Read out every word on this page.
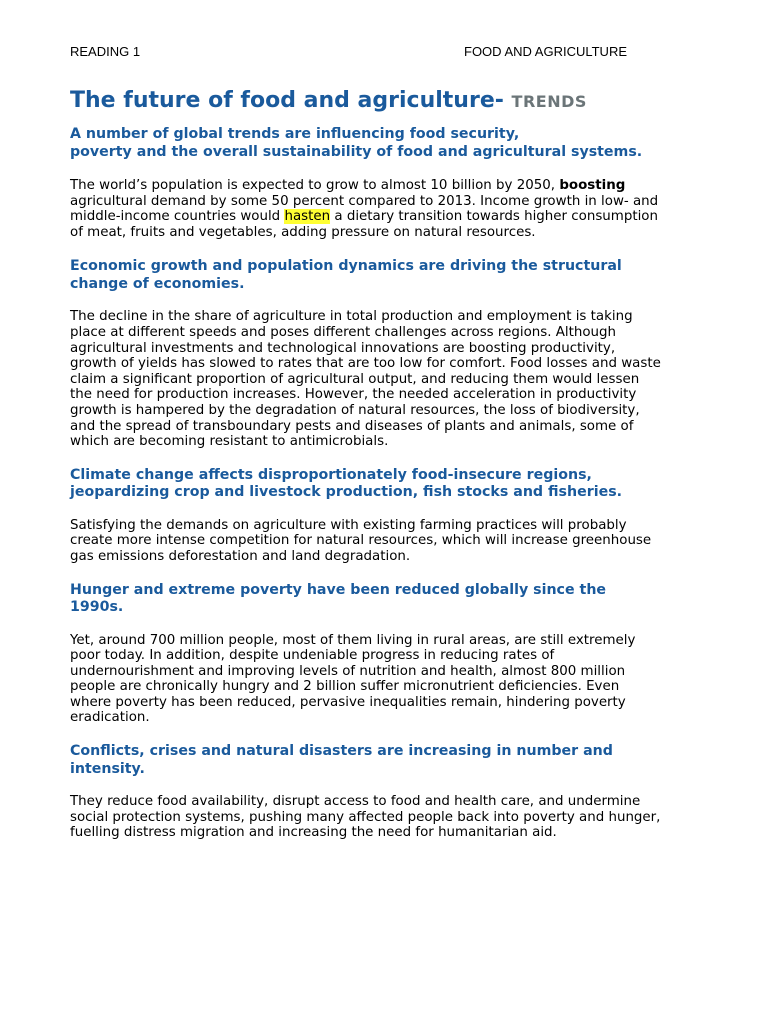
READING 1	FOOD AND AGRICULTURE
The future of food and agriculture- TRENDS
A number of global trends are influencing food security,
poverty and the overall sustainability of food and agricultural systems.
The world’s population is expected to grow to almost 10 billion by 2050, boosting
agricultural demand by some 50 percent compared to 2013. Income growth in low- and
middle-income countries would hasten a dietary transition towards higher consumption
of meat, fruits and vegetables, adding pressure on natural resources.
Economic growth and population dynamics are driving the structural
change of economies.
The decline in the share of agriculture in total production and employment is taking
place at different speeds and poses different challenges across regions. Although
agricultural investments and technological innovations are boosting productivity,
growth of yields has slowed to rates that are too low for comfort. Food losses and waste
claim a significant proportion of agricultural output, and reducing them would lessen
the need for production increases. However, the needed acceleration in productivity
growth is hampered by the degradation of natural resources, the loss of biodiversity,
and the spread of transboundary pests and diseases of plants and animals, some of
which are becoming resistant to antimicrobials.
Climate change affects disproportionately food-insecure regions,
jeopardizing crop and livestock production, fish stocks and fisheries.
Satisfying the demands on agriculture with existing farming practices will probably
create more intense competition for natural resources, which will increase greenhouse
gas emissions deforestation and land degradation.
Hunger and extreme poverty have been reduced globally since the
1990s.
Yet, around 700 million people, most of them living in rural areas, are still extremely
poor today. In addition, despite undeniable progress in reducing rates of
undernourishment and improving levels of nutrition and health, almost 800 million
people are chronically hungry and 2 billion suffer micronutrient deficiencies. Even
where poverty has been reduced, pervasive inequalities remain, hindering poverty
eradication.
Conflicts, crises and natural disasters are increasing in number and
intensity.
They reduce food availability, disrupt access to food and health care, and undermine
social protection systems, pushing many affected people back into poverty and hunger,
fuelling distress migration and increasing the need for humanitarian aid.
